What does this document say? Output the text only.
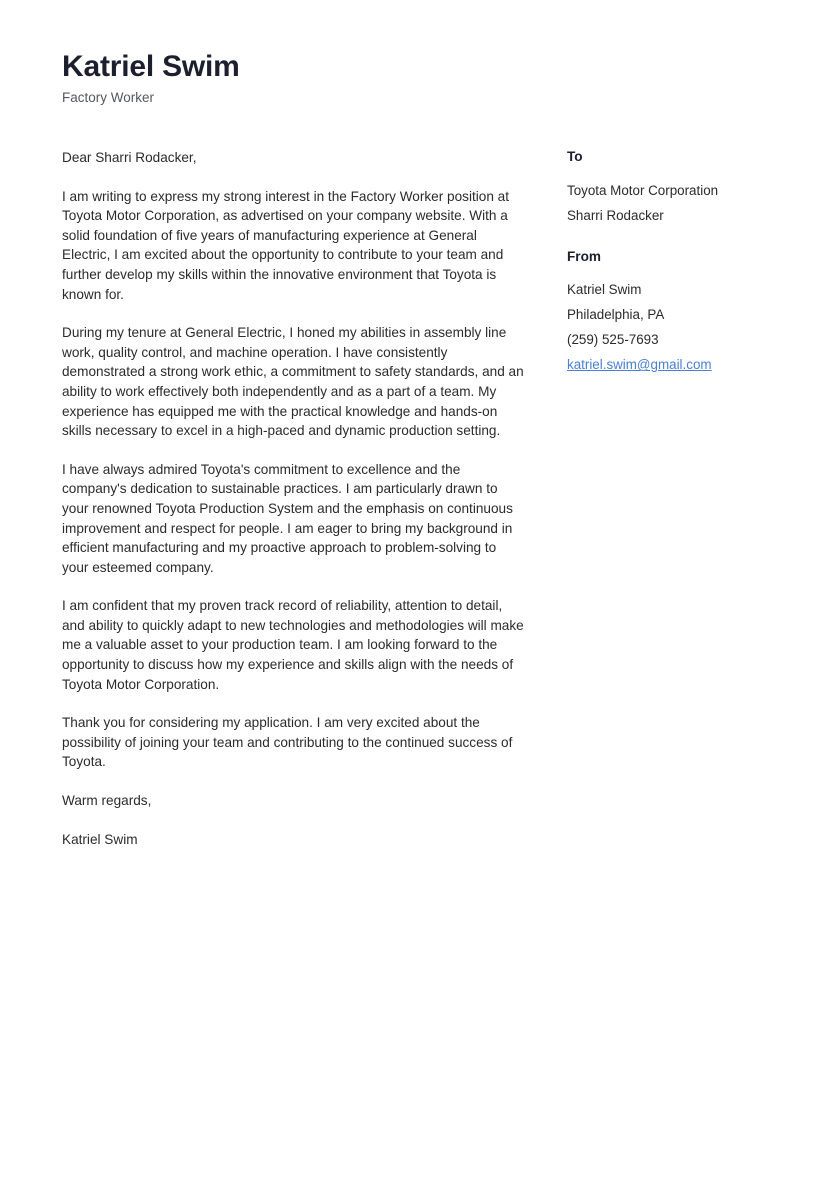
Katriel Swim
Factory Worker

Dear Sharri Rodacker,

I am writing to express my strong interest in the Factory Worker position at Toyota Motor Corporation, as advertised on your company website. With a solid foundation of five years of manufacturing experience at General Electric, I am excited about the opportunity to contribute to your team and further develop my skills within the innovative environment that Toyota is known for.

During my tenure at General Electric, I honed my abilities in assembly line work, quality control, and machine operation. I have consistently demonstrated a strong work ethic, a commitment to safety standards, and an ability to work effectively both independently and as a part of a team. My experience has equipped me with the practical knowledge and hands-on skills necessary to excel in a high-paced and dynamic production setting.

I have always admired Toyota's commitment to excellence and the company's dedication to sustainable practices. I am particularly drawn to your renowned Toyota Production System and the emphasis on continuous improvement and respect for people. I am eager to bring my background in efficient manufacturing and my proactive approach to problem-solving to your esteemed company.

I am confident that my proven track record of reliability, attention to detail, and ability to quickly adapt to new technologies and methodologies will make me a valuable asset to your production team. I am looking forward to the opportunity to discuss how my experience and skills align with the needs of Toyota Motor Corporation.

Thank you for considering my application. I am very excited about the possibility of joining your team and contributing to the continued success of Toyota.

Warm regards,

Katriel Swim

To
Toyota Motor Corporation
Sharri Rodacker
From
Katriel Swim
Philadelphia, PA
(259) 525-7693
katriel.swim@gmail.com
